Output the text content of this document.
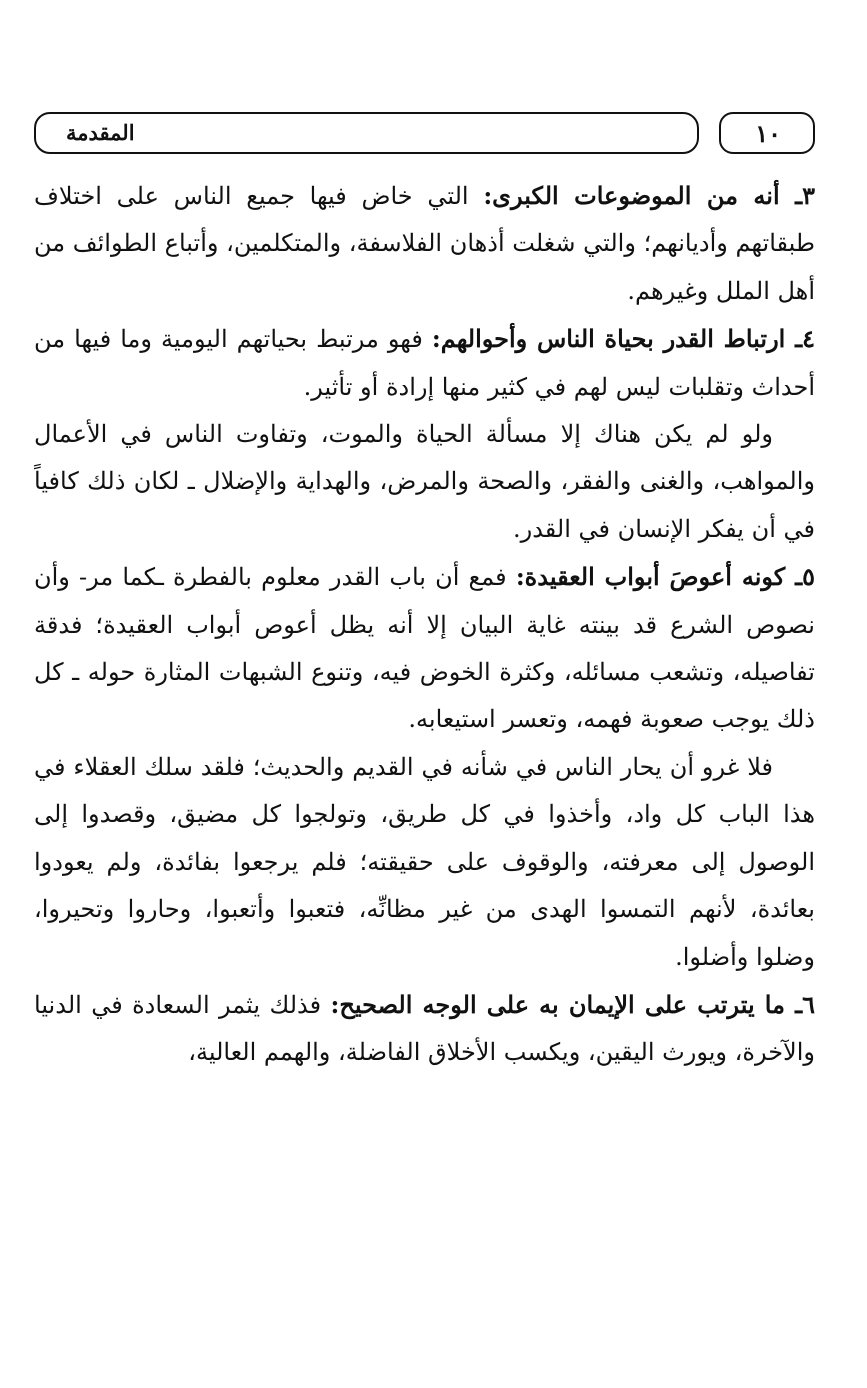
المقدمة	١٠

٣ـ أنه من الموضوعات الكبرى: التي خاض فيها جميع الناس على اختلاف طبقاتهم وأديانهم؛ والتي شغلت أذهان الفلاسفة، والمتكلمين، وأتباع الطوائف من أهل الملل وغيرهم.

٤ـ ارتباط القدر بحياة الناس وأحوالهم: فهو مرتبط بحياتهم اليومية وما فيها من أحداث وتقلبات ليس لهم في كثير منها إرادة أو تأثير.

ولو لم يكن هناك إلا مسألة الحياة والموت، وتفاوت الناس في الأعمال والمواهب، والغنى والفقر، والصحة والمرض، والهداية والإضلال ـ لكان ذلك كافياً في أن يفكر الإنسان في القدر.

٥ـ كونه أعوصَ أبواب العقيدة: فمع أن باب القدر معلوم بالفطرة ـكما مر- وأن نصوص الشرع قد بينته غاية البيان إلا أنه يظل أعوص أبواب العقيدة؛ فدقة تفاصيله، وتشعب مسائله، وكثرة الخوض فيه، وتنوع الشبهات المثارة حوله ـ كل ذلك يوجب صعوبة فهمه، وتعسر استيعابه.

فلا غرو أن يحار الناس في شأنه في القديم والحديث؛ فلقد سلك العقلاء في هذا الباب كل واد، وأخذوا في كل طريق، وتولجوا كل مضيق، وقصدوا إلى الوصول إلى معرفته، والوقوف على حقيقته؛ فلم يرجعوا بفائدة، ولم يعودوا بعائدة، لأنهم التمسوا الهدى من غير مظانِّه، فتعبوا وأتعبوا، وحاروا وتحيروا، وضلوا وأضلوا.

٦ـ ما يترتب على الإيمان به على الوجه الصحيح: فذلك يثمر السعادة في الدنيا والآخرة، ويورث اليقين، ويكسب الأخلاق الفاضلة، والهمم العالية،
